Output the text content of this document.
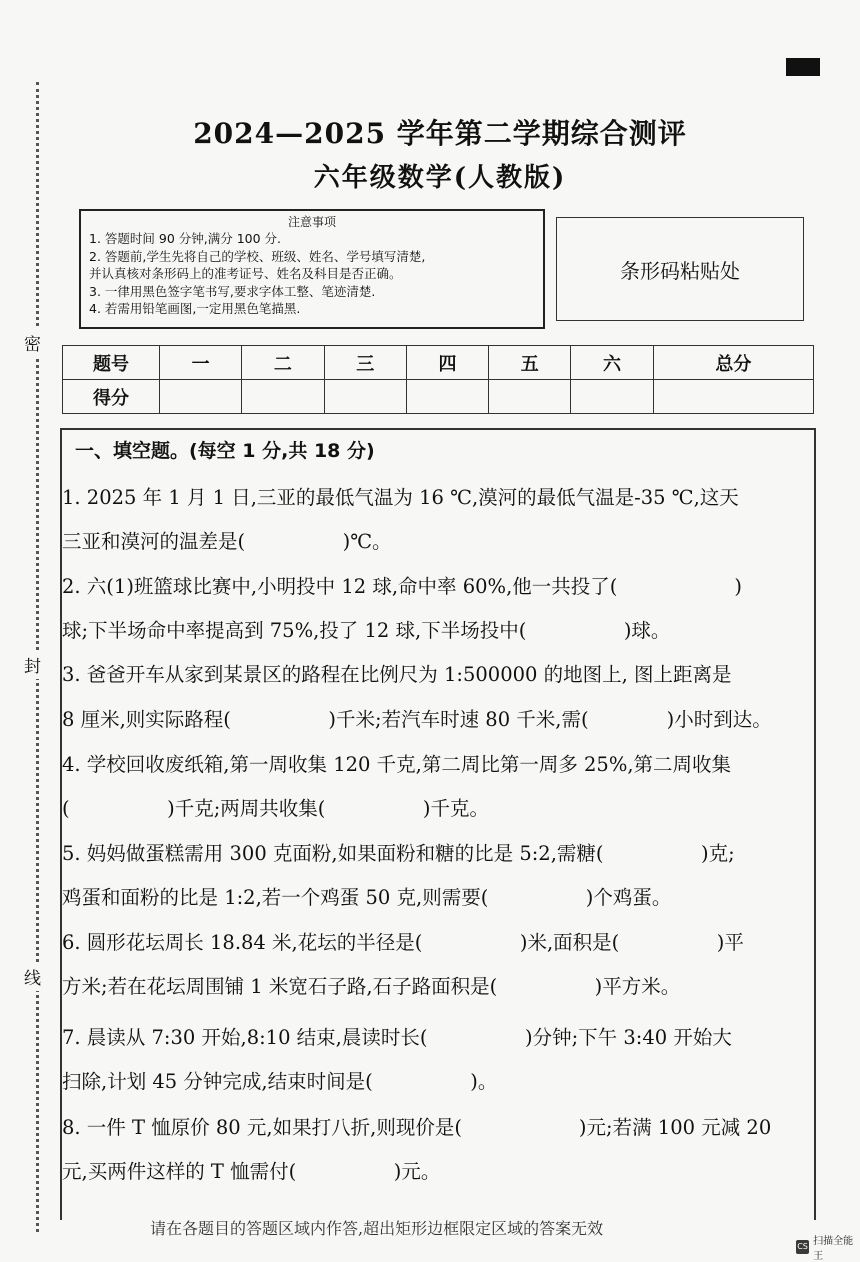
密
封
线
2024—2025 学年第二学期综合测评
六年级数学(人教版)
注意事项
1. 答题时间 90 分钟,满分 100 分.
2. 答题前,学生先将自己的学校、班级、姓名、学号填写清楚,
并认真核对条形码上的准考证号、姓名及科目是否正确。
3. 一律用黑色签字笔书写,要求字体工整、笔迹清楚.
4. 若需用铅笔画图,一定用黑色笔描黑.
条形码粘贴处
题号	一	二	三	四	五	六	总分
得分							
一、填空题。(每空 1 分,共 18 分)
1. 2025 年 1 月 1 日,三亚的最低气温为 16 ℃,漠河的最低气温是-35 ℃,这天
三亚和漠河的温差是(　　　　　)℃。
2. 六(1)班篮球比赛中,小明投中 12 球,命中率 60%,他一共投了(　　　　　　)
球;下半场命中率提高到 75%,投了 12 球,下半场投中(　　　　　)球。
3. 爸爸开车从家到某景区的路程在比例尺为 1:500000 的地图上, 图上距离是
8 厘米,则实际路程(　　　　　)千米;若汽车时速 80 千米,需(　　　　)小时到达。
4. 学校回收废纸箱,第一周收集 120 千克,第二周比第一周多 25%,第二周收集
(　　　　　)千克;两周共收集(　　　　　)千克。
5. 妈妈做蛋糕需用 300 克面粉,如果面粉和糖的比是 5:2,需糖(　　　　　)克;
鸡蛋和面粉的比是 1:2,若一个鸡蛋 50 克,则需要(　　　　　)个鸡蛋。
6. 圆形花坛周长 18.84 米,花坛的半径是(　　　　　)米,面积是(　　　　　)平
方米;若在花坛周围铺 1 米宽石子路,石子路面积是(　　　　　)平方米。
7. 晨读从 7:30 开始,8:10 结束,晨读时长(　　　　　)分钟;下午 3:40 开始大
扫除,计划 45 分钟完成,结束时间是(　　　　　)。
8. 一件 T 恤原价 80 元,如果打八折,则现价是(　　　　　　)元;若满 100 元减 20
元,买两件这样的 T 恤需付(　　　　　)元。
请在各题目的答题区域内作答,超出矩形边框限定区域的答案无效
CS 扫描全能王
